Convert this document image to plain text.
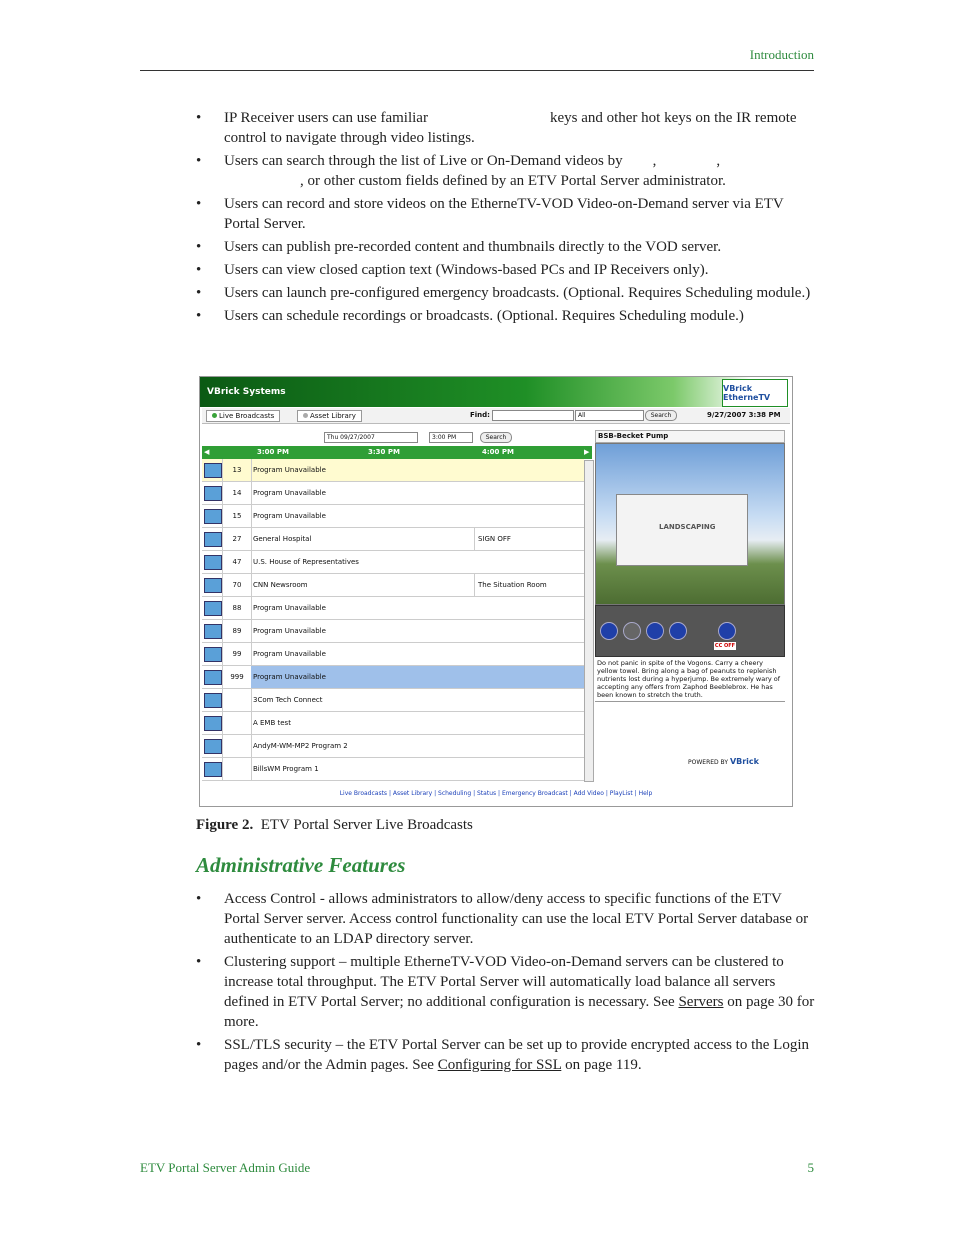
Introduction
• IP Receiver users can use familiar	keys and other hot keys on the IR remote control to navigate through video listings.
• Users can search through the list of Live or On-Demand videos by ,	,
, or other custom fields defined by an ETV Portal Server administrator.
• Users can record and store videos on the EtherneTV-VOD Video-on-Demand server via ETV Portal Server.
• Users can publish pre-recorded content and thumbnails directly to the VOD server.
• Users can view closed caption text (Windows-based PCs and IP Receivers only).
• Users can launch pre-configured emergency broadcasts. (Optional. Requires Scheduling module.)
• Users can schedule recordings or broadcasts. (Optional. Requires Scheduling module.)
VBrick Systems	VBrick EtherneTV
Live Broadcasts	Asset Library	Find:	All	Search	9/27/2007 3:38 PM
Thu 09/27/2007	3:00 PM	Search
◀	3:00 PM	3:30 PM	4:00 PM	▶
13	Program Unavailable
14	Program Unavailable
15	Program Unavailable
27	General Hospital	SIGN OFF
47	U.S. House of Representatives
70	CNN Newsroom	The Situation Room
88	Program Unavailable
89	Program Unavailable
99	Program Unavailable
999	Program Unavailable
3Com Tech Connect
A EMB test
AndyM-WM-MP2 Program 2
BillsWM Program 1
BSB-Becket Pump
LANDSCAPING
CC OFF
Do not panic in spite of the Vogons. Carry a cheery yellow towel. Bring along a bag of peanuts to replenish nutrients lost during a hyperjump. Be extremely wary of accepting any offers from Zaphod Beeblebrox. He has been known to stretch the truth.
POWERED BY VBrick
Live Broadcasts | Asset Library | Scheduling | Status | Emergency Broadcast | Add Video | PlayList | Help
Figure 2. ETV Portal Server Live Broadcasts
Administrative Features
• Access Control - allows administrators to allow/deny access to specific functions of the ETV Portal Server server. Access control functionality can use the local ETV Portal Server database or authenticate to an LDAP directory server.
• Clustering support – multiple EtherneTV-VOD Video-on-Demand servers can be clustered to increase total throughput. The ETV Portal Server will automatically load balance all servers defined in ETV Portal Server; no additional configuration is necessary. See Servers on page 30 for more.
• SSL/TLS security – the ETV Portal Server can be set up to provide encrypted access to the Login pages and/or the Admin pages. See Configuring for SSL on page 119.
ETV Portal Server Admin Guide	5
